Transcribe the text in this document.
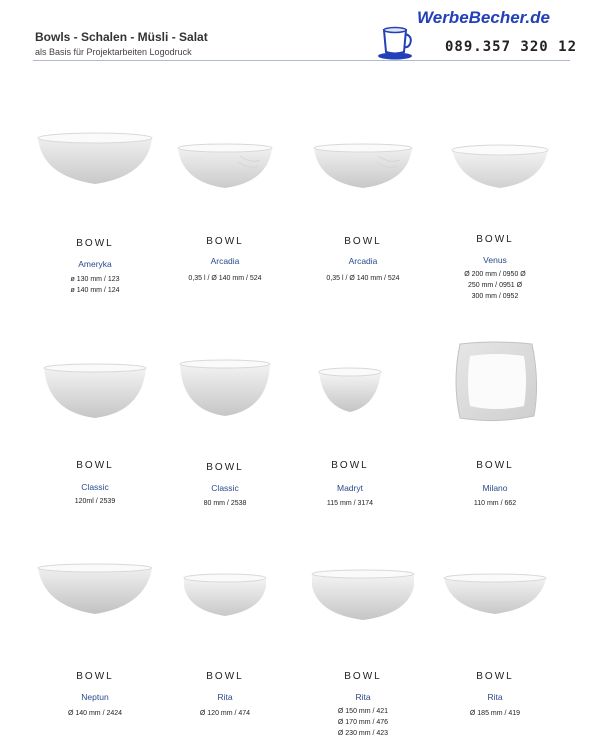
Bowls - Schalen - Müsli - Salat
als Basis für Projektarbeiten Logodruck
WerbeBecher.de
089.357 320 12
BOWL
Ameryka
ø 130 mm / 123
ø 140 mm / 124
BOWL
Arcadia
0,35 l / Ø 140 mm / 524
BOWL
Arcadia
0,35 l / Ø 140 mm / 524
BOWL
Venus
Ø 200 mm / 0950 Ø
250 mm / 0951 Ø
300 mm / 0952
BOWL
Classic
120ml / 2539
BOWL
Classic
80 mm / 2538
BOWL
Madryt
115 mm / 3174
BOWL
Milano
110 mm / 662
BOWL
Neptun
Ø 140 mm / 2424
BOWL
Rita
Ø 120 mm / 474
BOWL
Rita
Ø 150 mm / 421
Ø 170 mm / 476
Ø 230 mm / 423
BOWL
Rita
Ø 185 mm / 419
